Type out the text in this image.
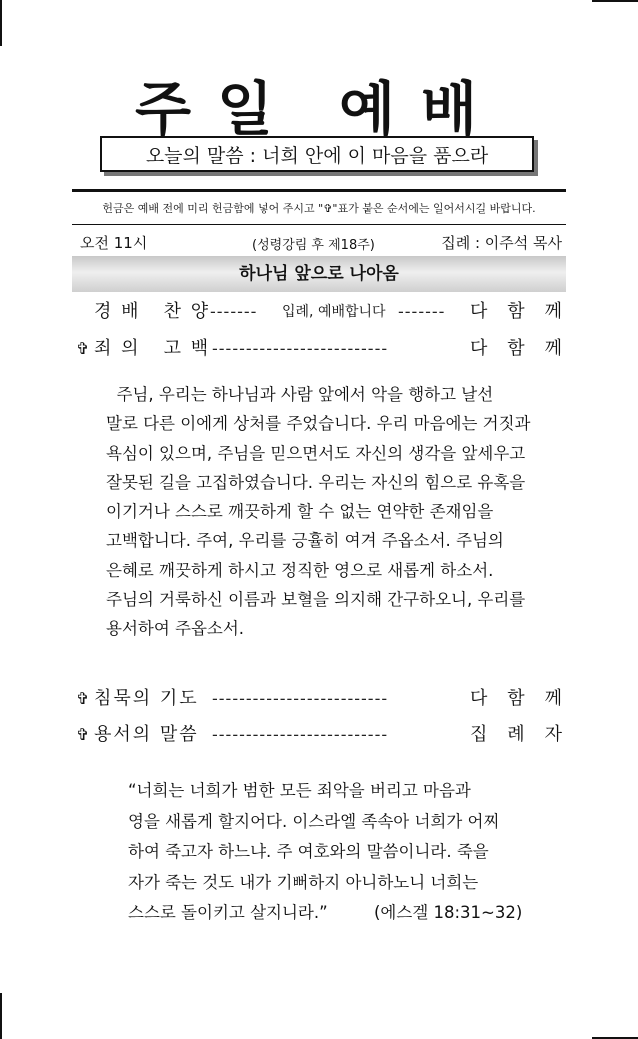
주일 예배
오늘의 말씀 : 너희 안에 이 마음을 품으라
헌금은 예배 전에 미리 헌금함에 넣어 주시고 "✞"표가 붙은 순서에는 일어서시길 바랍니다.
오전 11시	(성령강림 후 제18주)	집례 : 이주석 목사
하나님 앞으로 나아옴
경 배   찬 양 ------- 입례, 예배합니다 ------- 다 함 께
✞ 죄 의   고 백 --------------------------	다 함 께
주님, 우리는 하나님과 사람 앞에서 악을 행하고 날선
말로 다른 이에게 상처를 주었습니다. 우리 마음에는 거짓과
욕심이 있으며, 주님을 믿으면서도 자신의 생각을 앞세우고
잘못된 길을 고집하였습니다. 우리는 자신의 힘으로 유혹을
이기거나 스스로 깨끗하게 할 수 없는 연약한 존재임을
고백합니다. 주여, 우리를 긍휼히 여겨 주옵소서. 주님의
은혜로 깨끗하게 하시고 정직한 영으로 새롭게 하소서.
주님의 거룩하신 이름과 보혈을 의지해 간구하오니, 우리를
용서하여 주옵소서.
✞ 침묵의 기도 --------------------------	다 함 께
✞ 용서의 말씀 --------------------------	집 례 자
“너희는 너희가 범한 모든 죄악을 버리고 마음과
영을 새롭게 할지어다. 이스라엘 족속아 너희가 어찌
하여 죽고자 하느냐. 주 여호와의 말씀이니라. 죽을
자가 죽는 것도 내가 기뻐하지 아니하노니 너희는
스스로 돌이키고 살지니라.”	(에스겔 18:31~32)
